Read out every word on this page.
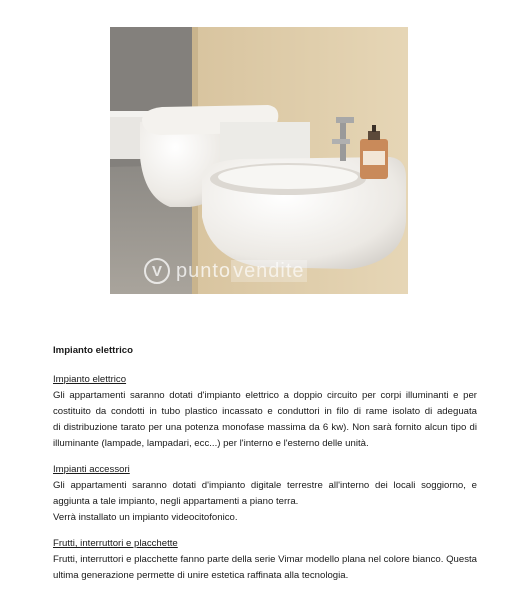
V punto vendite
Impianto elettrico
Impianto elettrico
Gli appartamenti saranno dotati d'impianto elettrico a doppio circuito per corpi illuminanti e per
costituito da condotti in tubo plastico incassato e conduttori in filo di rame isolato di adeguata
di distribuzione tarato per una potenza monofase massima da 6 kw). Non sarà fornito alcun tipo di
illuminante (lampade, lampadari, ecc...) per l'interno e l'esterno delle unità.
Impianti accessori
Gli appartamenti saranno dotati d'impianto digitale terrestre all'interno dei locali soggiorno, e
aggiunta a tale impianto, negli appartamenti a piano terra.
Verrà installato un impianto videocitofonico.
Frutti, interruttori e placchette
Frutti, interruttori e placchette fanno parte della serie Vimar modello plana nel colore bianco. Questa
ultima generazione permette di unire estetica raffinata alla tecnologia.
